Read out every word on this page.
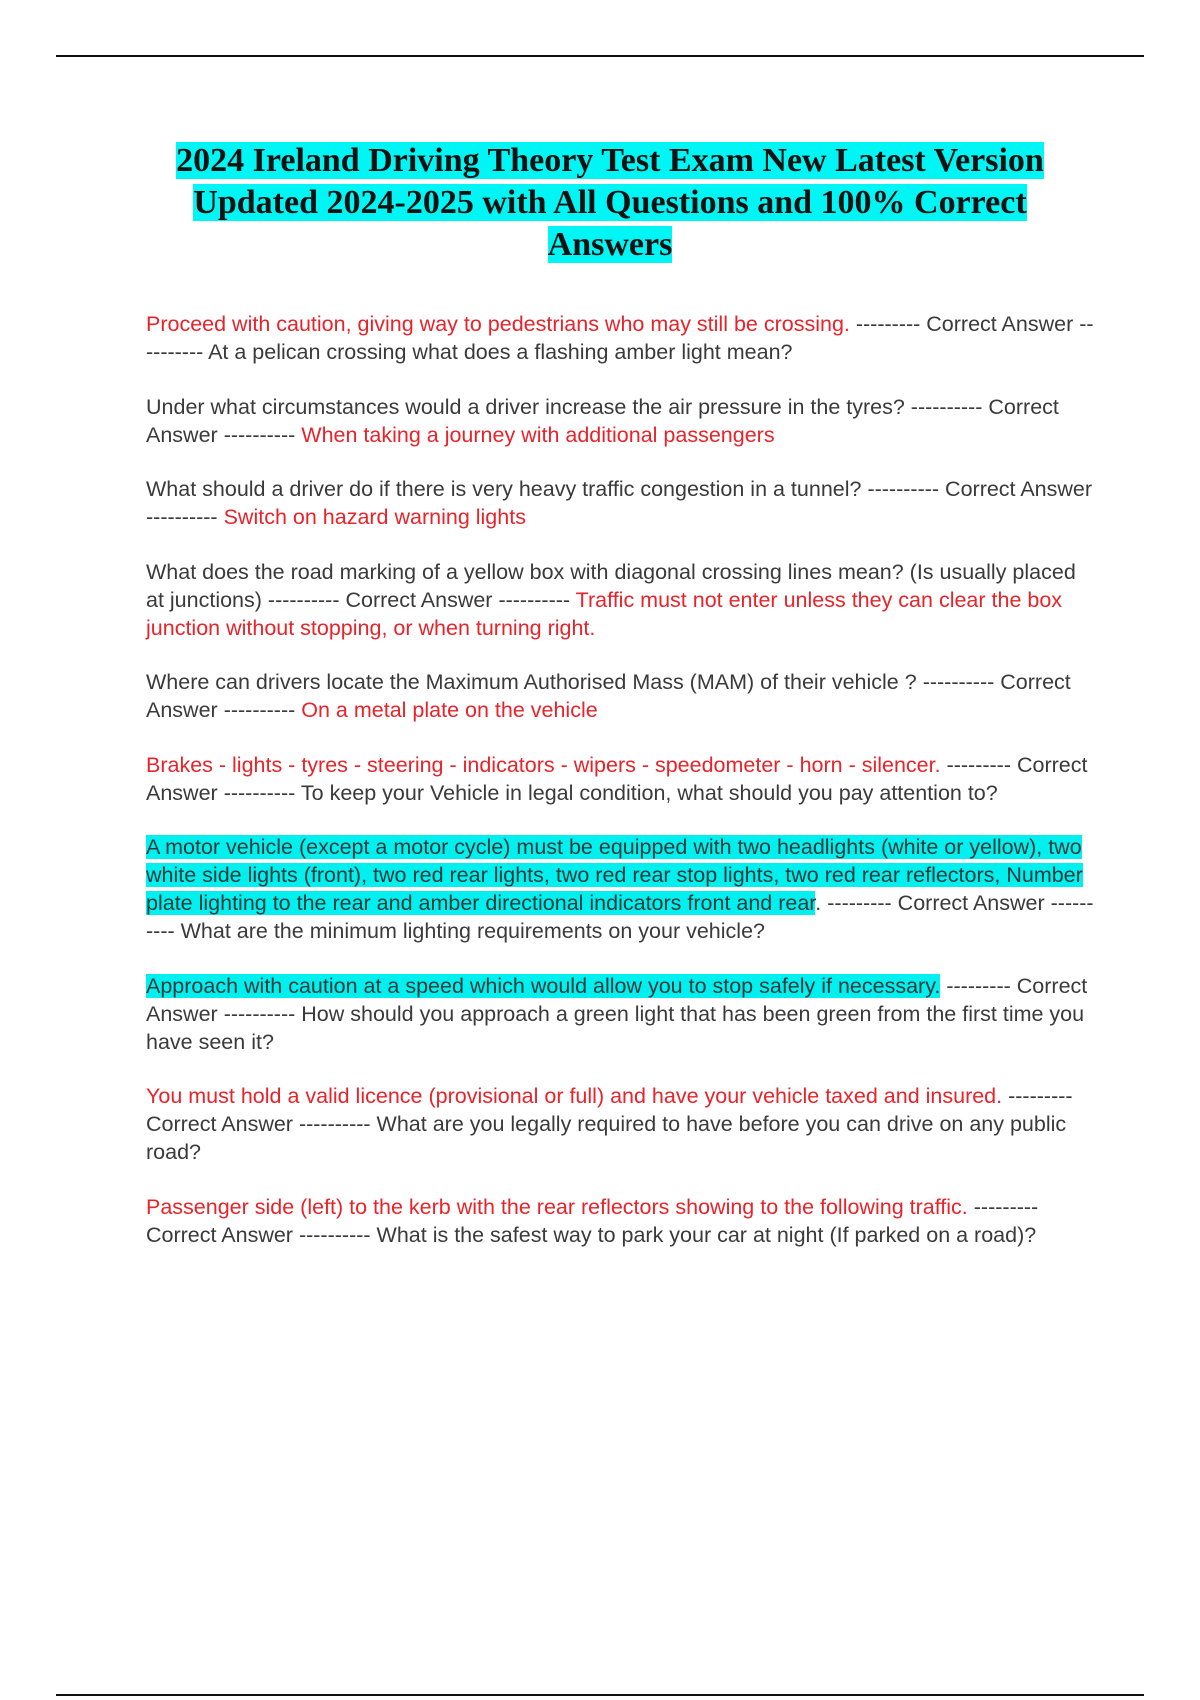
2024 Ireland Driving Theory Test Exam New Latest Version Updated 2024-2025 with All Questions and 100% Correct Answers

Proceed with caution, giving way to pedestrians who may still be crossing. --------- Correct Answer ---------- At a pelican crossing what does a flashing amber light mean?

Under what circumstances would a driver increase the air pressure in the tyres? ---------- Correct Answer ---------- When taking a journey with additional passengers

What should a driver do if there is very heavy traffic congestion in a tunnel? ---------- Correct Answer ---------- Switch on hazard warning lights

What does the road marking of a yellow box with diagonal crossing lines mean? (Is usually placed at junctions) ---------- Correct Answer ---------- Traffic must not enter unless they can clear the box junction without stopping, or when turning right.

Where can drivers locate the Maximum Authorised Mass (MAM) of their vehicle ? ---------- Correct Answer ---------- On a metal plate on the vehicle

Brakes - lights - tyres - steering - indicators - wipers - speedometer - horn - silencer. --------- Correct Answer ---------- To keep your Vehicle in legal condition, what should you pay attention to?

A motor vehicle (except a motor cycle) must be equipped with two headlights (white or yellow), two white side lights (front), two red rear lights, two red rear stop lights, two red rear reflectors, Number plate lighting to the rear and amber directional indicators front and rear. --------- Correct Answer ---------- What are the minimum lighting requirements on your vehicle?

Approach with caution at a speed which would allow you to stop safely if necessary. --------- Correct Answer ---------- How should you approach a green light that has been green from the first time you have seen it?

You must hold a valid licence (provisional or full) and have your vehicle taxed and insured. --------- Correct Answer ---------- What are you legally required to have before you can drive on any public road?

Passenger side (left) to the kerb with the rear reflectors showing to the following traffic. --------- Correct Answer ---------- What is the safest way to park your car at night (If parked on a road)?
